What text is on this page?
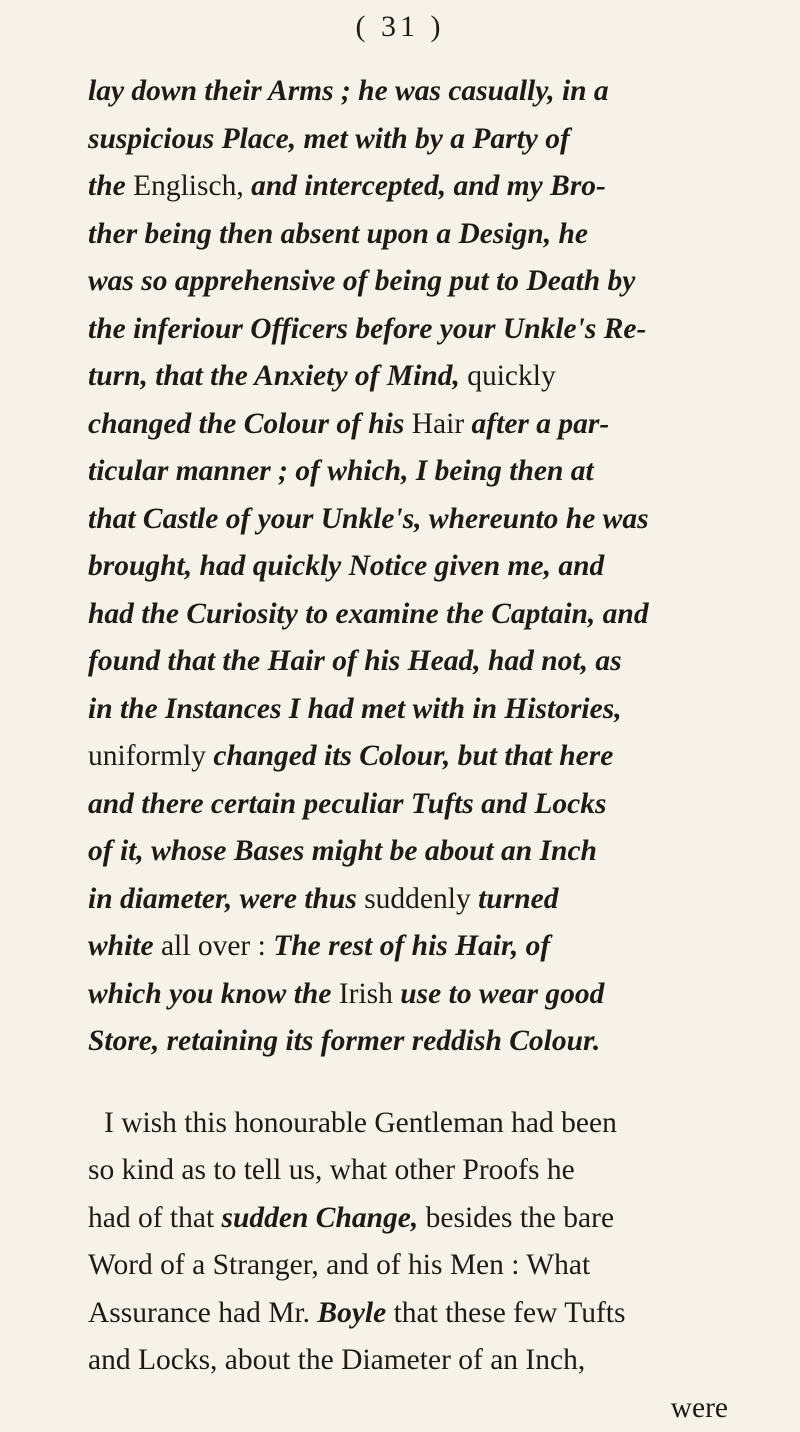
( 31 )
lay down their Arms ; he was casually, in a
suspicious Place, met with by a Party of
the Englisch, and intercepted, and my Bro-
ther being then absent upon a Design, he
was so apprehensive of being put to Death by
the inferiour Officers before your Unkle's Re-
turn, that the Anxiety of Mind, quickly
changed the Colour of his Hair after a par-
ticular manner ; of which, I being then at
that Castle of your Unkle's, whereunto he was
brought, had quickly Notice given me, and
had the Curiosity to examine the Captain, and
found that the Hair of his Head, had not, as
in the Instances I had met with in Histories,
uniformly changed its Colour, but that here
and there certain peculiar Tufts and Locks
of it, whose Bases might be about an Inch
in diameter, were thus suddenly turned
white all over : The rest of his Hair, of
which you know the Irish use to wear good
Store, retaining its former reddish Colour.
I wish this honourable Gentleman had been
so kind as to tell us, what other Proofs he
had of that sudden Change, besides the bare
Word of a Stranger, and of his Men : What
Assurance had Mr. Boyle that these few Tufts
and Locks, about the Diameter of an Inch,
were
